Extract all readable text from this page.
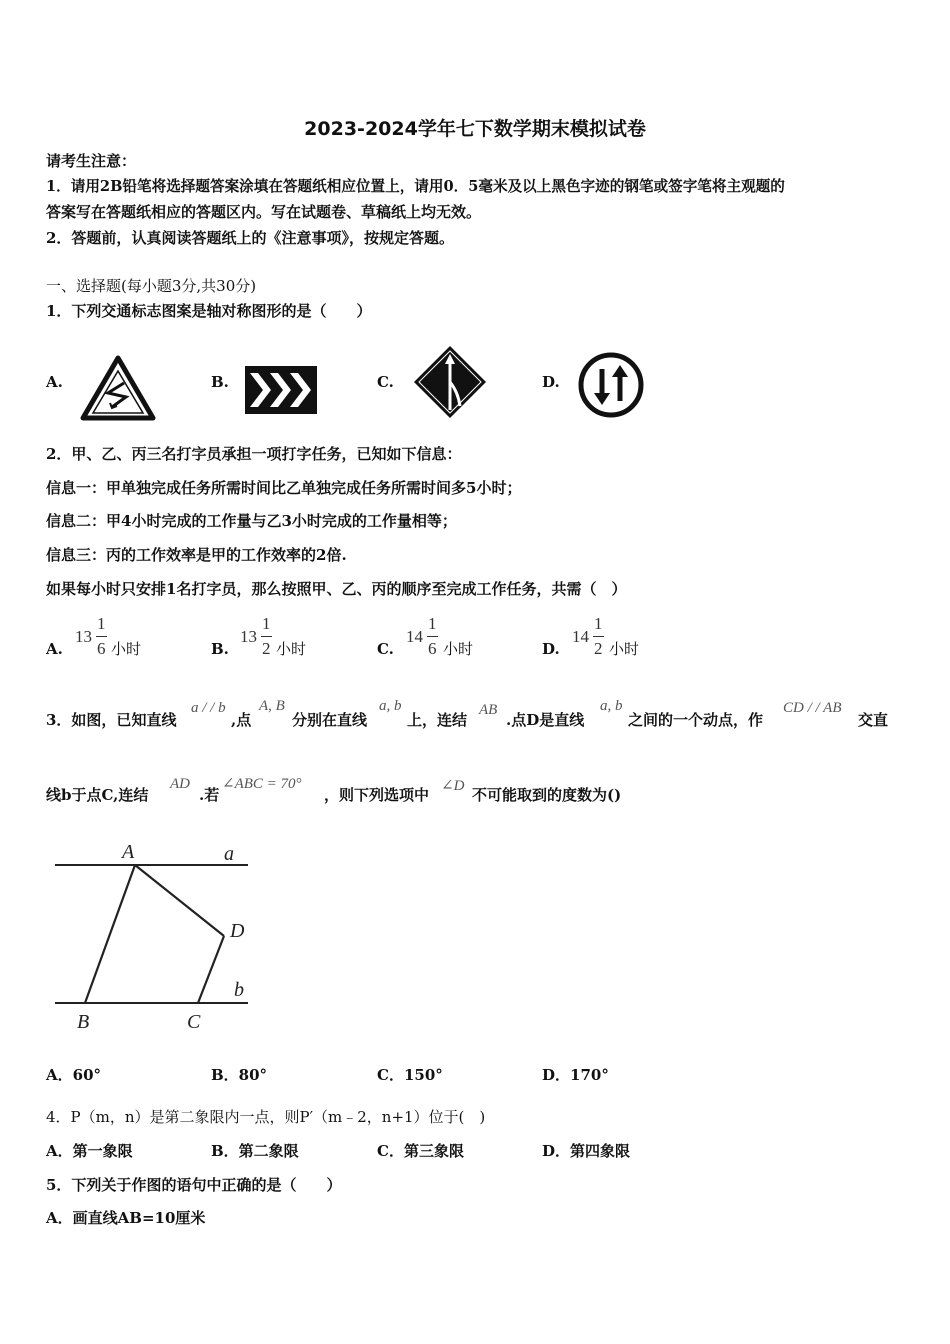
2023-2024学年七下数学期末模拟试卷
请考生注意：
1．请用2B铅笔将选择题答案涂填在答题纸相应位置上，请用0．5毫米及以上黑色字迹的钢笔或签字笔将主观题的
答案写在答题纸相应的答题区内。写在试题卷、草稿纸上均无效。
2．答题前，认真阅读答题纸上的《注意事项》，按规定答题。
一、选择题(每小题3分,共30分)
1．下列交通标志图案是轴对称图形的是（　　）
A.	B.	C.	D.
2．甲、乙、丙三名打字员承担一项打字任务，已知如下信息：
信息一：甲单独完成任务所需时间比乙单独完成任务所需时间多5小时；
信息二：甲4小时完成的工作量与乙3小时完成的工作量相等；
信息三：丙的工作效率是甲的工作效率的2倍.
如果每小时只安排1名打字员，那么按照甲、乙、丙的顺序至完成工作任务，共需（　）
A.
13
1
6 小时	B.
13
1
2 小时	C.
14
1
6 小时	D.
14
1
2 小时
3．如图，已知直线
a / / b
,点
A, B
分别在直线
a, b
上，连结
AB
.点D是直线
a, b
之间的一个动点，作
CD / / AB
交直
线b于点C,连结
AD
.若
∠ABC = 70°
，则下列选项中 ∠D 不可能取到的度数为()
A	a
D
b
B	C
A．60°	B．80°	C．150°	D．170°
4．P（m，n）是第二象限内一点，则P′（m﹣2，n+1）位于(　)
A．第一象限	B．第二象限	C．第三象限	D．第四象限
5．下列关于作图的语句中正确的是（　　）
A．画直线AB=10厘米
